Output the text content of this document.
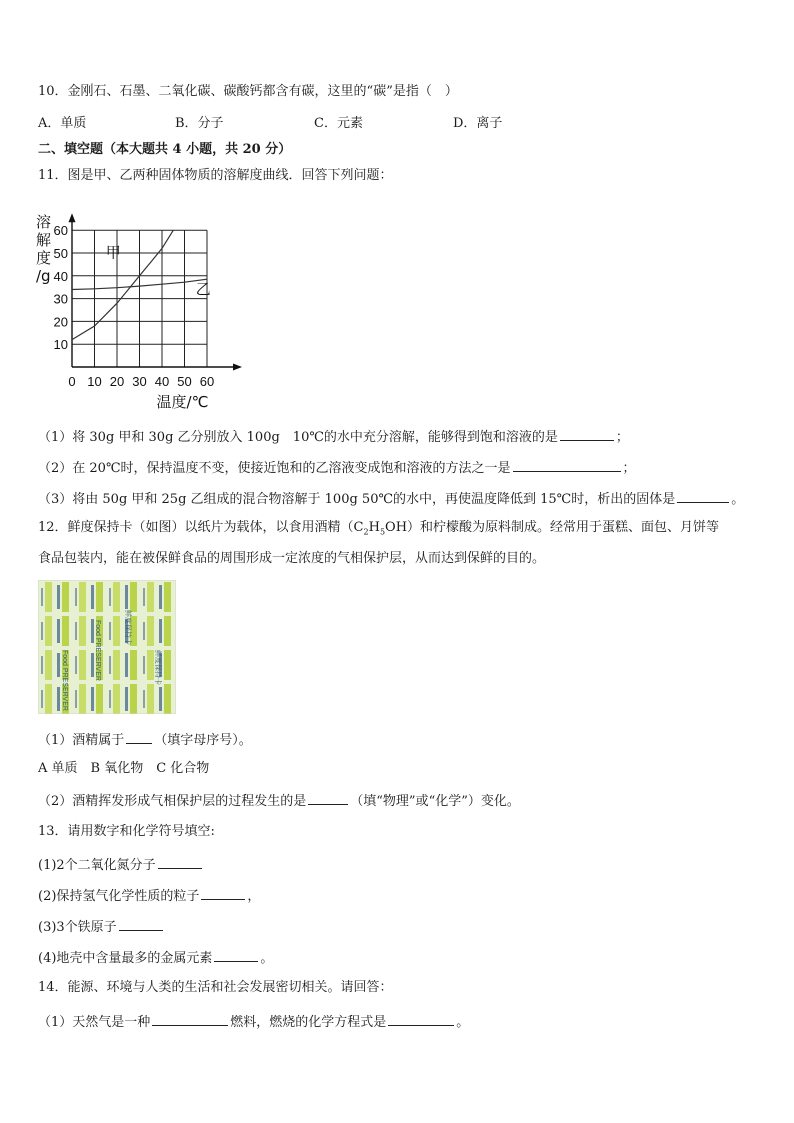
10．金刚石、石墨、二氧化碳、碳酸钙都含有碳，这里的“碳”是指（　）
A．单质	B．分子	C．元素	D．离子
二、填空题（本大题共 4 小题，共 20 分）
11．图是甲、乙两种固体物质的溶解度曲线．回答下列问题：
0 10 20 30 40 50 60
10
20
30
40
50
60
溶
解
度
/g
温度/℃
甲
乙
（1）将 30g 甲和 30g 乙分别放入 100g　10℃的水中充分溶解，能够得到饱和溶液的是	；
（2）在 20℃时，保持温度不变，使接近饱和的乙溶液变成饱和溶液的方法之一是	；
（3）将由 50g 甲和 25g 乙组成的混合物溶解于 100g 50℃的水中，再使温度降低到 15℃时，析出的固体是	。
12．鲜度保持卡（如图）以纸片为载体，以食用酒精$(C_2H_5OH)$和柠檬酸为原料制成。经常用于蛋糕、面包、月饼等
食品包装内，能在被保鲜食品的周围形成一定浓度的气相保护层，从而达到保鲜的目的。
Food PRESERVER	鲜度保持卡
Food PRESERVER	鲜度保持卡
（1）酒精属于 （填字母序号）。
A 单质　B 氧化物　C 化合物
（2）酒精挥发形成气相保护层的过程发生的是	（填“物理”或“化学”）变化。
13．请用数字和化学符号填空:
(1)2个二氧化氮分子
(2)保持氢气化学性质的粒子	，
(3)3个铁原子
(4)地壳中含量最多的金属元素	。
14．能源、环境与人类的生活和社会发展密切相关。请回答：
（1）天然气是一种	燃料，燃烧的化学方程式是	。
